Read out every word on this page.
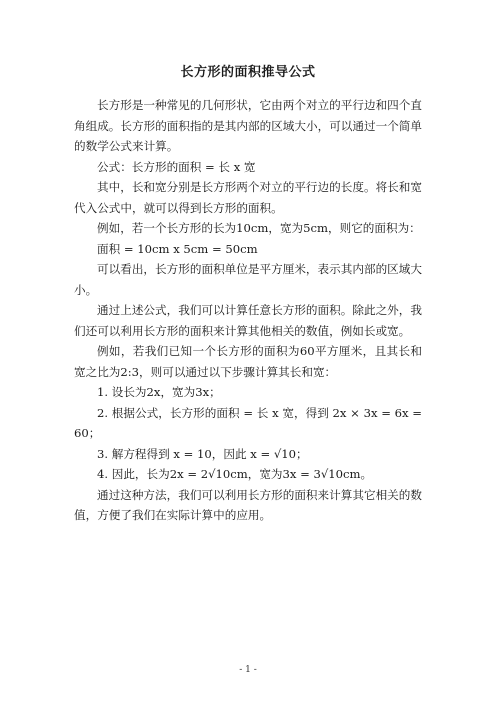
长方形的面积推导公式

长方形是一种常见的几何形状，它由两个对立的平行边和四个直角组成。长方形的面积指的是其内部的区域大小，可以通过一个简单的数学公式来计算。

公式：长方形的面积 = 长 x 宽

其中，长和宽分别是长方形两个对立的平行边的长度。将长和宽代入公式中，就可以得到长方形的面积。

例如，若一个长方形的长为10cm，宽为5cm，则它的面积为：

面积 = 10cm x 5cm = 50cm

可以看出，长方形的面积单位是平方厘米，表示其内部的区域大小。

通过上述公式，我们可以计算任意长方形的面积。除此之外，我们还可以利用长方形的面积来计算其他相关的数值，例如长或宽。

例如，若我们已知一个长方形的面积为60平方厘米，且其长和宽之比为2:3，则可以通过以下步骤计算其长和宽：

1. 设长为2x，宽为3x；

2. 根据公式，长方形的面积 = 长 x 宽，得到 2x × 3x = 6x = 60；

3. 解方程得到 x = 10，因此 x = √10；

4. 因此，长为2x = 2√10cm，宽为3x = 3√10cm。

通过这种方法，我们可以利用长方形的面积来计算其它相关的数值，方便了我们在实际计算中的应用。

- 1 -
